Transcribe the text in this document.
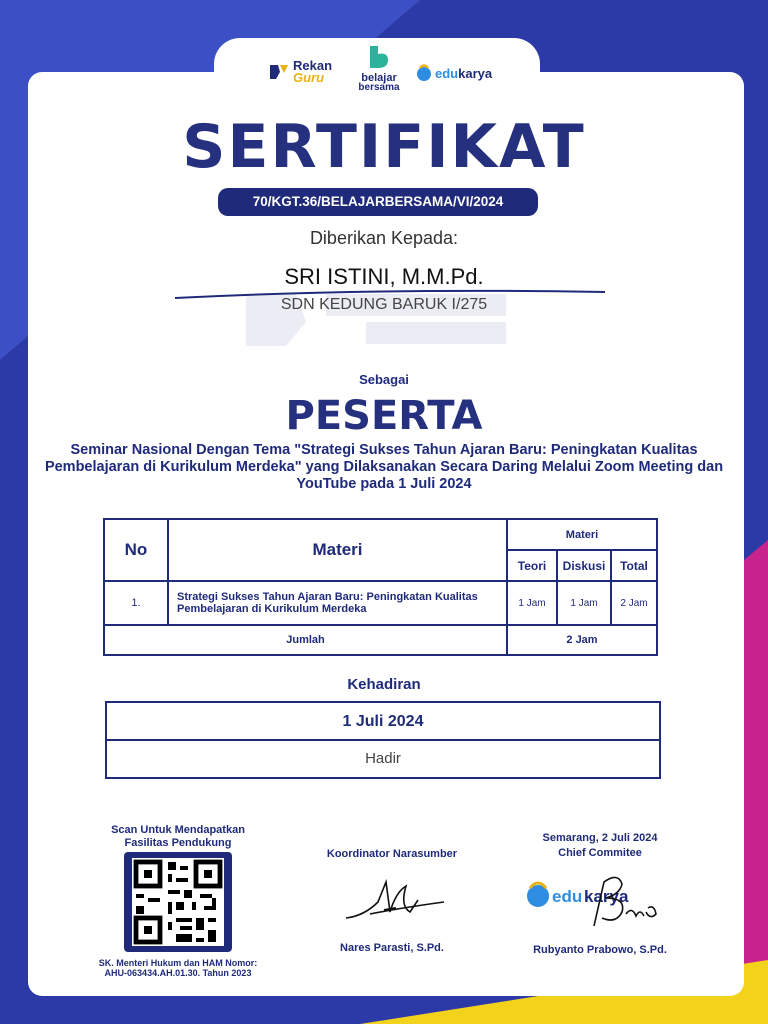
Rekan
Guru	belajar
bersama
edukarya
SERTIFIKAT
70/KGT.36/BELAJARBERSAMA/VI/2024
Diberikan Kepada:
SRI ISTINI, M.M.Pd.
SDN KEDUNG BARUK I/275
Sebagai
PESERTA
Seminar Nasional Dengan Tema "Strategi Sukses Tahun Ajaran Baru: Peningkatan Kualitas Pembelajaran di Kurikulum Merdeka" yang Dilaksanakan Secara Daring Melalui Zoom Meeting dan YouTube pada 1 Juli 2024
No	Materi	Materi		
		Teori	Diskusi	Total
1.	Strategi Sukses Tahun Ajaran Baru: Peningkatan Kualitas Pembelajaran di Kurikulum Merdeka	1 Jam	1 Jam	2 Jam
Jumlah		2 Jam		
Kehadiran
1 Juli 2024
Hadir
Scan Untuk Mendapatkan Fasilitas Pendukung
SK. Menteri Hukum dan HAM Nomor: AHU-063434.AH.01.30. Tahun 2023
Koordinator Narasumber
Nares Parasti, S.Pd.
Semarang, 2 Juli 2024
Chief Commitee
edu karya
Rubyanto Prabowo, S.Pd.
